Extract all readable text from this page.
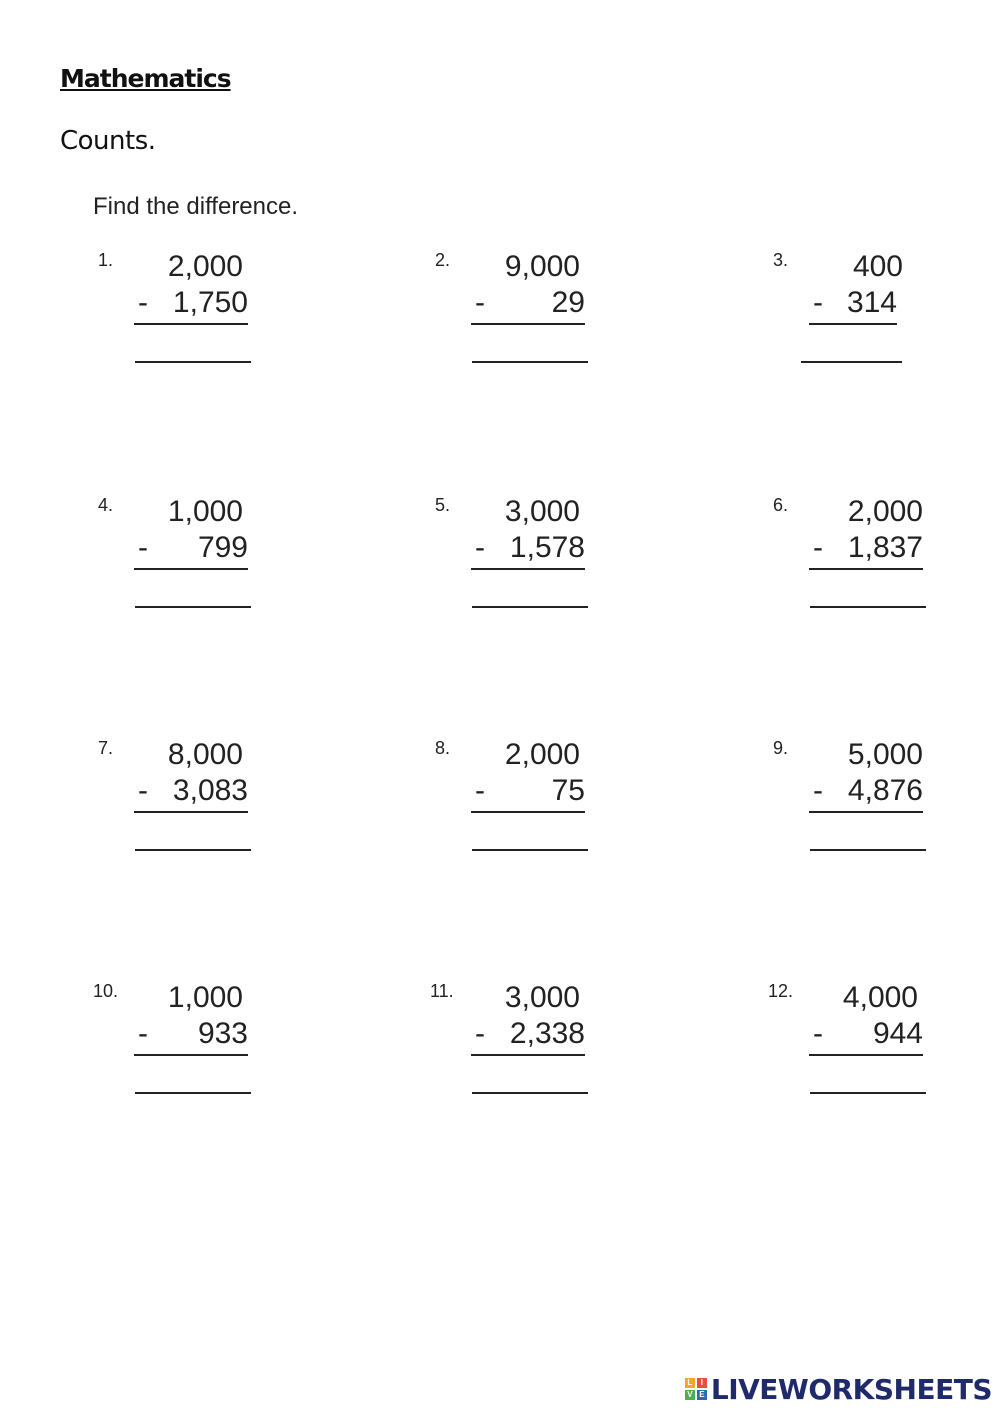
Mathematics
Counts.
Find the difference.
1.	2,000
- 1,750
2.	9,000
-	29
3.	400
- 314
4.	1,000
-	799
5.	3,000
- 1,578
6.	2,000
- 1,837
7.	8,000
- 3,083
8.	2,000
-	75
9.	5,000
- 4,876
10.	1,000
-	933
11.	3,000
- 2,338
12.	4,000
-	944
L	I
V E LIVEWORKSHEETS
